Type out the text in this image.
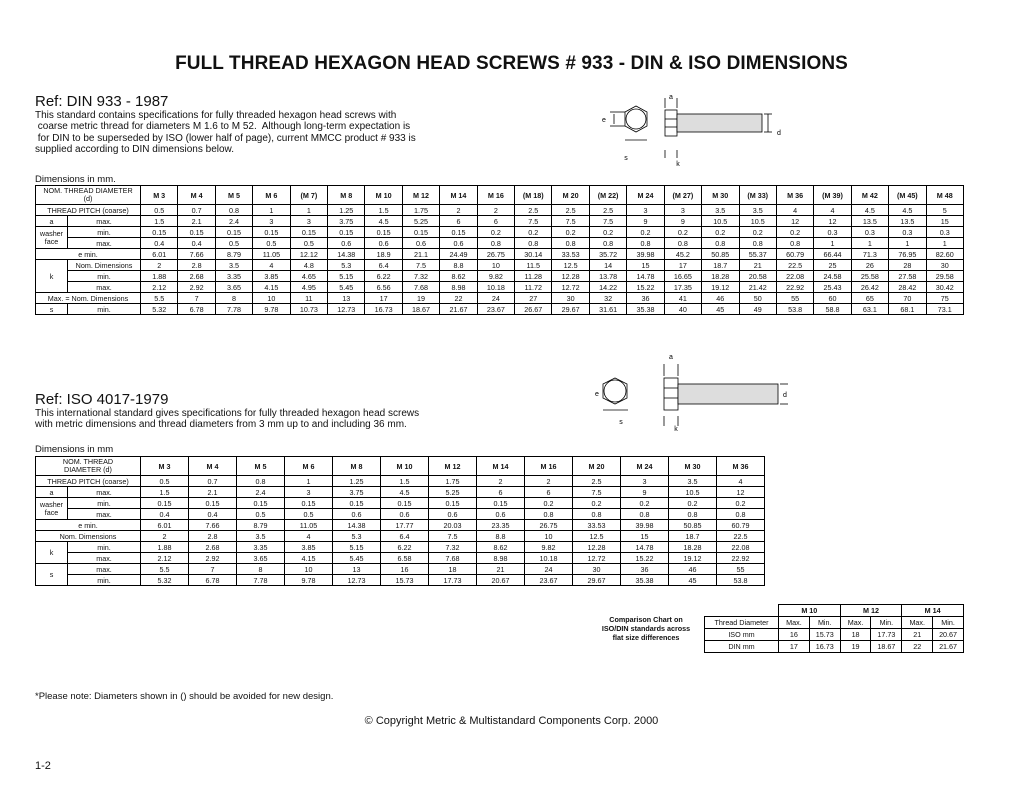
FULL THREAD HEXAGON HEAD SCREWS # 933 - DIN & ISO DIMENSIONS
Ref: DIN 933 - 1987
This standard contains specifications for fully threaded hexagon head screws with
coarse metric thread for diameters M 1.6 to M 52.  Although long-term expectation is
for DIN to be superseded by ISO (lower half of page), current MMCC product # 933 is
supplied according to DIN dimensions below.
Dimensions in mm.
a
e
d
s
k
NOM. THREAD DIAMETER
(d)		M 3	M 4	M 5	M 6	(M 7)	M 8	M 10	M 12	M 14	M 16	(M 18)	M 20	(M 22)	M 24	(M 27)	M 30	(M 33)	M 36	(M 39)	M 42	(M 45)	M 48
THREAD PITCH (coarse)		0.5	0.7	0.8	1	1	1.25	1.5	1.75	2	2	2.5	2.5	2.5	3	3	3.5	3.5	4	4	4.5	4.5	5
a	max.	1.5	2.1	2.4	3	3	3.75	4.5	5.25	6	6	7.5	7.5	7.5	9	9	10.5	10.5	12	12	13.5	13.5	15

washer
face	min.	0.15	0.15	0.15	0.15	0.15	0.15	0.15	0.15	0.15	0.2	0.2	0.2	0.2	0.2	0.2	0.2	0.2	0.2	0.3	0.3	0.3	0.3
	max.	0.4	0.4	0.5	0.5	0.5	0.6	0.6	0.6	0.6	0.8	0.8	0.8	0.8	0.8	0.8	0.8	0.8	0.8	1	1	1	1
e min.		6.01	7.66	8.79	11.05	12.12	14.38	18.9	21.1	24.49	26.75	30.14	33.53	35.72	39.98	45.2	50.85	55.37	60.79	66.44	71.3	76.95	82.60
k	Nom. Dimensions	2	2.8	3.5	4	4.8	5.3	6.4	7.5	8.8	10	11.5	12.5	14	15	17	18.7	21	22.5	25	26	28	30
	min.	1.88	2.68	3.35	3.85	4.65	5.15	6.22	7.32	8.62	9.82	11.28	12.28	13.78	14.78	16.65	18.28	20.58	22.08	24.58	25.58	27.58	29.58
	max.	2.12	2.92	3.65	4.15	4.95	5.45	6.56	7.68	8.98	10.18	11.72	12.72	14.22	15.22	17.35	19.12	21.42	22.92	25.43	26.42	28.42	30.42
Max. = Nom. Dimensions		5.5	7	8	10	11	13	17	19	22	24	27	30	32	36	41	46	50	55	60	65	70	75
s	min.	5.32	6.78	7.78	9.78	10.73	12.73	16.73	18.67	21.67	23.67	26.67	29.67	31.61	35.38	40	45	49	53.8	58.8	63.1	68.1	73.1
Ref: ISO 4017-1979
This international standard gives specifications for fully threaded hexagon head screws
with metric dimensions and thread diameters from 3 mm up to and including 36 mm.
Dimensions in mm
a
e	d
s
k
NOM. THREAD
DIAMETER (d)		M 3	M 4	M 5	M 6	M 8	M 10	M 12	M 14	M 16	M 20	M 24	M 30	M 36
THREAD PITCH (coarse)		0.5	0.7	0.8	1	1.25	1.5	1.75	2	2	2.5	3	3.5	4
a	max.	1.5	2.1	2.4	3	3.75	4.5	5.25	6	6	7.5	9	10.5	12

washer
face	min.	0.15	0.15	0.15	0.15	0.15	0.15	0.15	0.15	0.2	0.2	0.2	0.2	0.2
	max.	0.4	0.4	0.5	0.5	0.6	0.6	0.6	0.6	0.8	0.8	0.8	0.8	0.8
e min.		6.01	7.66	8.79	11.05	14.38	17.77	20.03	23.35	26.75	33.53	39.98	50.85	60.79
Nom. Dimensions		2	2.8	3.5	4	5.3	6.4	7.5	8.8	10	12.5	15	18.7	22.5
k	min.	1.88	2.68	3.35	3.85	5.15	6.22	7.32	8.62	9.82	12.28	14.78	18.28	22.08
	max.	2.12	2.92	3.65	4.15	5.45	6.58	7.68	8.98	10.18	12.72	15.22	19.12	22.92
s	max.	5.5	7	8	10	13	16	18	21	24	30	36	46	55
	min.	5.32	6.78	7.78	9.78	12.73	15.73	17.73	20.67	23.67	29.67	35.38	45	53.8
Comparison Chart on
ISO/DIN standards across
flat size differences
	M 10		M 12		M 14	
Thread Diameter	Max.	Min.	Max.	Min.	Max.	Min.
ISO mm	16	15.73	18	17.73	21	20.67
DIN mm	17	16.73	19	18.67	22	21.67
*Please note: Diameters shown in () should be avoided for new design.
© Copyright Metric & Multistandard Components Corp. 2000
1-2
